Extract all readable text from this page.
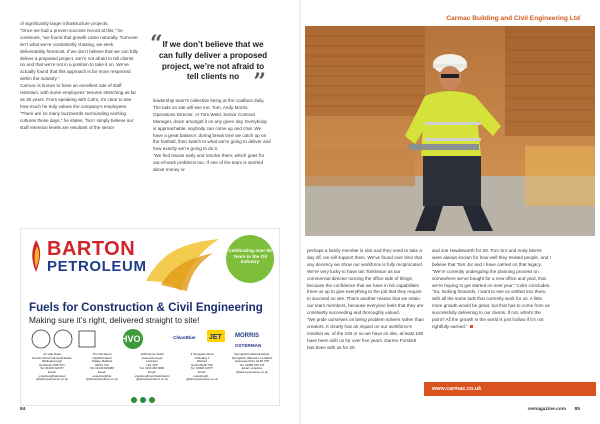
of significantly larger infrastructure projects.
“Once we had a proven success record at this,” he continues, “we found that growth came naturally. Turnover isn’t what we’re consistently chasing, we seek deliverability foremost. If we don’t believe that we can fully deliver a proposed project, we’re not afraid to tell clients no and that we’re not in a position to take it on. We’ve actually found that this approach is far more respected within the industry.”
Carmac is known to have an excellent rate of staff retention, with some employees’ tenures stretching as far as 30 years. From speaking with Colm, it’s clear to see how much he truly values the company’s employees.
“There are so many buzzwords surrounding working cultures these days,” he states, “but I simply believe our staff retention levels are resultant of the senior
“ If we don’t believe that we can fully deliver a proposed project, we’re not afraid to tell clients no ”
leadership team’s collective being at the coalface daily. The lads on site will see me, Tom, Andy Morris, Operations Director, or Tom Weld, Senior Contract Manager, down amongst it on any given day. Everybody is approachable, anybody can come up and chat. We have a great balance; during break time we catch up on the football, then switch to what we’re going to deliver and how exactly we’re going to do it.
“We find issues early and resolve them, which goes for out-of-work problems too. If one of the team is worried about money or
Carmac Building and Civil Engineering Ltd
BARTON
PETROLEUM
Celebrating over 50 Years in the Oil Industry
Fuels for Construction & Civil Engineering
Making sure it’s right, delivered straight to site!
HVO	CleanBlue JET MORRIS
OSTERMAN
A1 Vale Road
Finedon Road Industrial Estate
Wellingborough
Northants NN8 4TG
Tel: 01933 224477
Email:
enquiries@bartonpet
@bartonpetroleum.co.uk
The Old Depot
Highfield Road
Oakley, Bedford
MK43 7TA
Tel: 01234 823488
Email:
enquiries@bar
@bartonpetroleum.co.uk
1346 Norton Road
Queensborough
Leicester
LE7 3FP
Tel: 0116 260 9080
Email:
enquiries@morrislubricants
@bartonpetroleum.co.uk
3 Kingsgate Road
off Bodley 1
Warford
Hunts PE28 7SP
Tel: 01900 10977
Email:
enquiries@...
@bartonpetroleum.co.uk
Springfield Industrial Estate,
Springfield, Wareham on Marsh
Gloucestershire GL56 0TP
Tel: 01586 379 179
Email: enquiries
@bartonpetroleum.co.uk
perhaps a family member is sick and they need to take a day off, we will support them. We’ve found over time that any decency we show our workforce is fully reciprocated. We’re very lucky to have Ian Tomlinson as our commercial director running the office side of things, because the confidence that we have in his capabilities frees us up to give everything to the job that they require to succeed on site. That’s another reason that we retain our team members, because everyone feels that they are constantly succeeding and thoroughly valued.
“We pride ourselves on being problem solvers rather than creators. It clearly has an impact on our workforce’s mindset as, of the 240 or so we have on site, at least 160 have been with us for over five years. Darren Forskett has been with us for 30
and Joe Hawksworth for 29. Tom Snr and Andy Morris were always known for how well they treated people, and I believe that Tom Jnr and I have carried on that legacy.
“We’re currently undergoing the planning process on somewhere we’ve bought for a new office and yard, that we’re hoping to get started on next year,” Colm concludes. “So, looking forwards, I want to see us settled into there, with all the same lads that currently work for us. A little more growth would be great, but that has to come from us successfully delivering to our clients. If not, what’s the point? All the growth in the world is just hollow if it’s not rightfully earned.”
www.carmac.co.uk
84	cemagazine.com 85
